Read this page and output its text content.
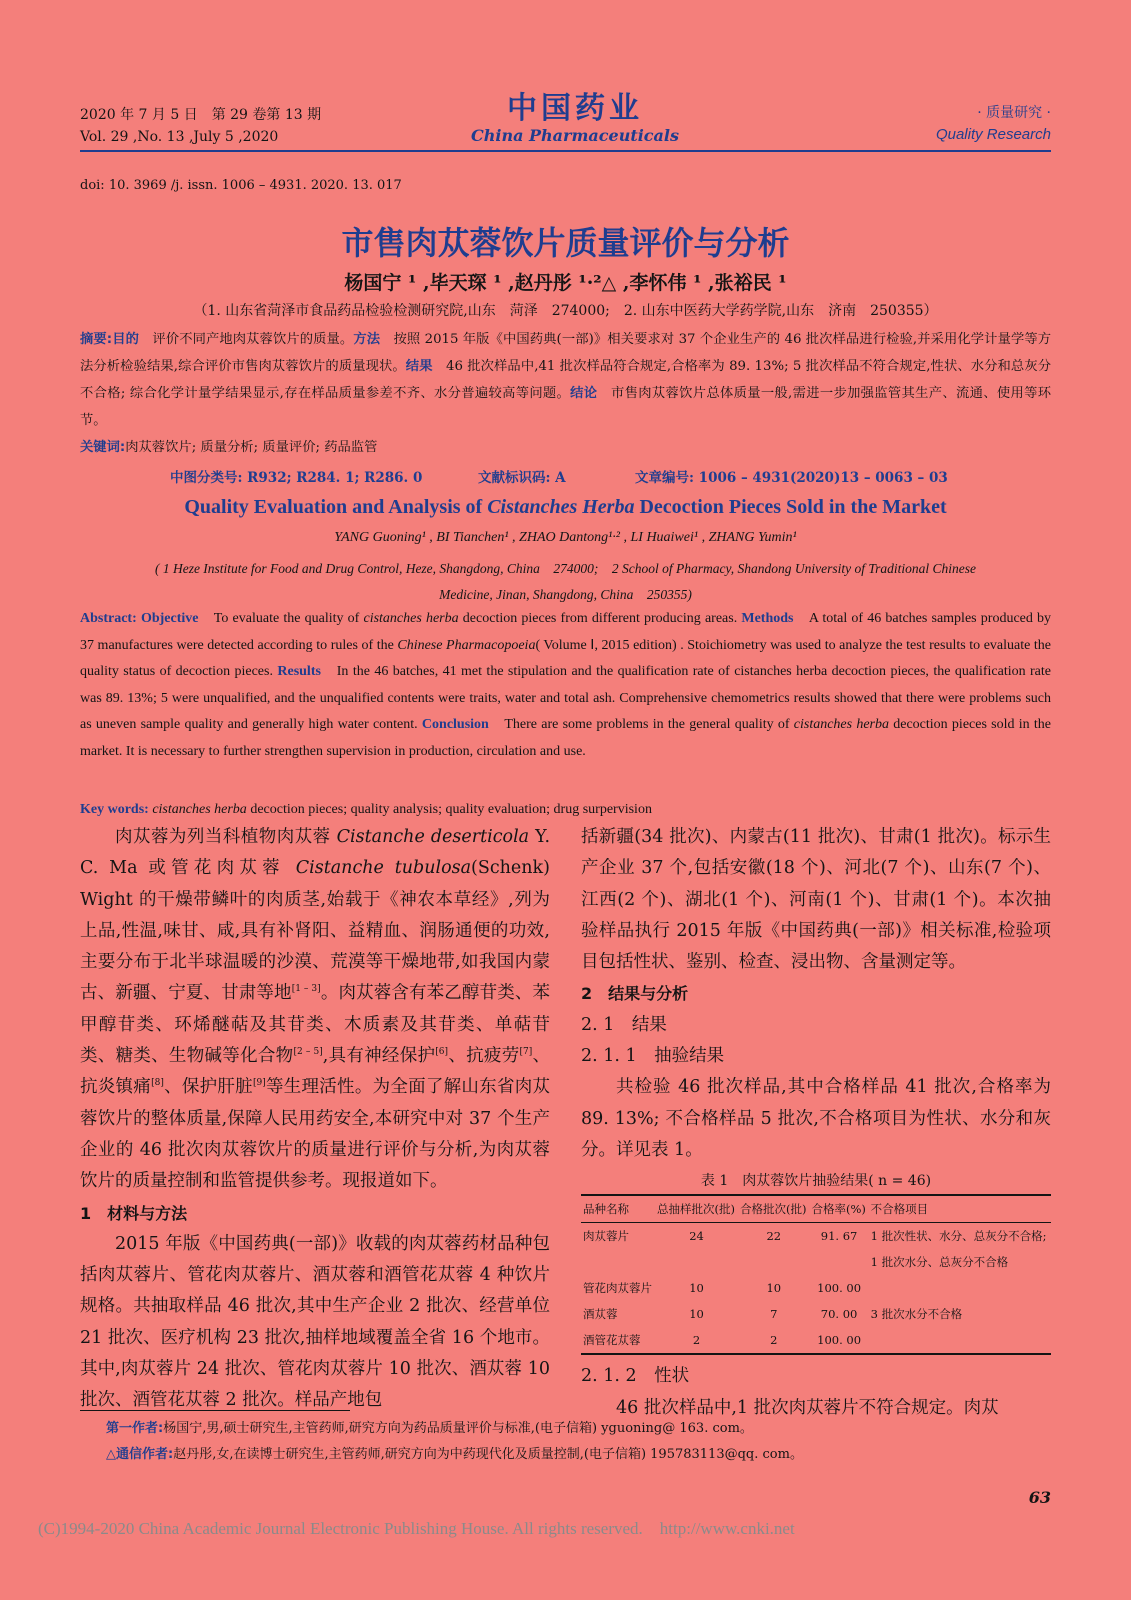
2020 年 7 月 5 日　第 29 卷第 13 期
Vol. 29 ,No. 13 ,July 5 ,2020
中国药业
China Pharmaceuticals
· 质量研究 ·
Quality Research
doi: 10. 3969 /j. issn. 1006 – 4931. 2020. 13. 017
市售肉苁蓉饮片质量评价与分析
杨国宁 ¹ ,毕天琛 ¹ ,赵丹彤 ¹·²△ ,李怀伟 ¹ ,张裕民 ¹
（1. 山东省菏泽市食品药品检验检测研究院,山东　菏泽　274000;　2. 山东中医药大学药学院,山东　济南　250355）
摘要:目的　 评价不同产地肉苁蓉饮片的质量。方法　 按照 2015 年版《中国药典(一部)》相关要求对 37 个企业生产的 46 批次样品进行检验,并采用化学计量学等方法分析检验结果,综合评价市售肉苁蓉饮片的质量现状。结果　 46 批次样品中,41 批次样品符合规定,合格率为 89. 13%; 5 批次样品不符合规定,性状、水分和总灰分不合格; 综合化学计量学结果显示,存在样品质量参差不齐、水分普遍较高等问题。结论　 市售肉苁蓉饮片总体质量一般,需进一步加强监管其生产、流通、使用等环节。
关键词:肉苁蓉饮片; 质量分析; 质量评价; 药品监管
中图分类号: R932; R284. 1; R286. 0	文献标识码: A	文章编号: 1006 – 4931(2020)13 – 0063 – 03
Quality Evaluation and Analysis of Cistanches Herba Decoction Pieces Sold in the Market
YANG Guoning¹ , BI Tianchen¹ , ZHAO Dantong¹·² , LI Huaiwei¹ , ZHANG Yumin¹
( 1 Heze Institute for Food and Drug Control, Heze, Shangdong, China　274000;　2 School of Pharmacy, Shandong University of Traditional Chinese
Medicine, Jinan, Shangdong, China　250355)
Abstract: Objective　 To evaluate the quality of cistanches herba decoction pieces from different producing areas. Methods　 A total of 46 batches samples produced by 37 manufactures were detected according to rules of the Chinese Pharmacopoeia( Volume Ⅰ, 2015 edition) . Stoichiometry was used to analyze the test results to evaluate the quality status of decoction pieces. Results　 In the 46 batches, 41 met the stipulation and the qualification rate of cistanches herba decoction pieces, the qualification rate was 89. 13%; 5 were unqualified, and the unqualified contents were traits, water and total ash. Comprehensive chemometrics results showed that there were problems such as uneven sample quality and generally high water content. Conclusion　 There are some problems in the general quality of cistanches herba decoction pieces sold in the market. It is necessary to further strengthen supervision in production, circulation and use.
Key words: cistanches herba decoction pieces; quality analysis; quality evaluation; drug surpervision

肉苁蓉为列当科植物肉苁蓉 Cistanche deserticola Y. C. Ma 或管花肉苁蓉 Cistanche tubulosa(Schenk) Wight 的干燥带鳞叶的肉质茎,始载于《神农本草经》,列为上品,性温,味甘、咸,具有补肾阳、益精血、润肠通便的功效,主要分布于北半球温暖的沙漠、荒漠等干燥地带,如我国内蒙古、新疆、宁夏、甘肃等地[1 – 3]。肉苁蓉含有苯乙醇苷类、苯甲醇苷类、环烯醚萜及其苷类、木质素及其苷类、单萜苷类、糖类、生物碱等化合物[2 – 5],具有神经保护[6]、抗疲劳[7]、抗炎镇痛[8]、保护肝脏[9]等生理活性。为全面了解山东省肉苁蓉饮片的整体质量,保障人民用药安全,本研究中对 37 个生产企业的 46 批次肉苁蓉饮片的质量进行评价与分析,为肉苁蓉饮片的质量控制和监管提供参考。现报道如下。

1　材料与方法

2015 年版《中国药典(一部)》收载的肉苁蓉药材品种包括肉苁蓉片、管花肉苁蓉片、酒苁蓉和酒管花苁蓉 4 种饮片规格。共抽取样品 46 批次,其中生产企业 2 批次、经营单位 21 批次、医疗机构 23 批次,抽样地域覆盖全省 16 个地市。其中,肉苁蓉片 24 批次、管花肉苁蓉片 10 批次、酒苁蓉 10 批次、酒管花苁蓉 2 批次。样品产地包

括新疆(34 批次)、内蒙古(11 批次)、甘肃(1 批次)。标示生产企业 37 个,包括安徽(18 个)、河北(7 个)、山东(7 个)、江西(2 个)、湖北(1 个)、河南(1 个)、甘肃(1 个)。本次抽验样品执行 2015 年版《中国药典(一部)》相关标准,检验项目包括性状、鉴别、检查、浸出物、含量测定等。

2　结果与分析

2. 1　结果

2. 1. 1　抽验结果

共检验 46 批次样品,其中合格样品 41 批次,合格率为 89. 13%; 不合格样品 5 批次,不合格项目为性状、水分和灰分。详见表 1。

表 1　肉苁蓉饮片抽验结果( n = 46)
品种名称	总抽样批次(批)	合格批次(批)	合格率(%)	不合格项目
肉苁蓉片	24	22	91. 67	1 批次性状、水分、总灰分不合格;
				1 批次水分、总灰分不合格
管花肉苁蓉片	10	10	100. 00	
酒苁蓉	10	7	70. 00	3 批次水分不合格
酒管花苁蓉	2	2	100. 00	

2. 1. 2　性状

46 批次样品中,1 批次肉苁蓉片不符合规定。肉苁

　　第一作者:杨国宁,男,硕士研究生,主管药师,研究方向为药品质量评价与标准,(电子信箱) yguoning@ 163. com。
　　△通信作者:赵丹彤,女,在读博士研究生,主管药师,研究方向为中药现代化及质量控制,(电子信箱) 195783113@qq. com。
63
(C)1994-2020 China Academic Journal Electronic Publishing House. All rights reserved.　http://www.cnki.net
